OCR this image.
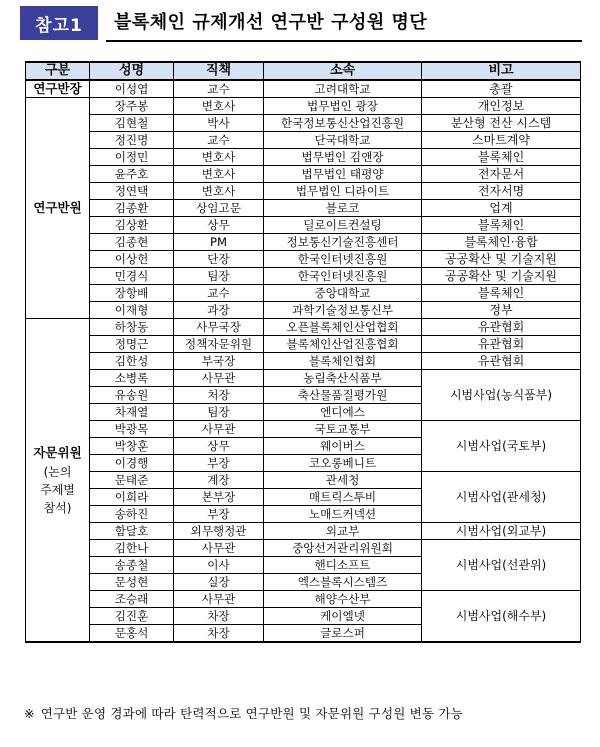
참고1	블록체인 규제개선 연구반 구성원 명단
구분	성명	직책	소속	비고
연구반장	이성엽	교수	고려대학교	총괄
연구반원	장주봉	변호사	법무법인 광장	개인정보
	김현철	박사	한국정보통신산업진흥원	분산형 전산 시스템
	정진명	교수	단국대학교	스마트계약
	이정민	변호사	법무법인 김앤장	블록체인
	윤주호	변호사	법무법인 태평양	전자문서
	정연택	변호사	법무법인 디라이트	전자서명
	김종환	상임고문	블로코	업계
	김상환	상무	딜로이트컨설팅	블록체인
	김종현	PM	정보통신기술진흥센터	블록체인·융합
	이상헌	단장	한국인터넷진흥원	공공확산 및 기술지원
	민경식	팀장	한국인터넷진흥원	공공확산 및 기술지원
	장항배	교수	중앙대학교	블록체인
	이재형	과장	과학기술정보통신부	정부

자문위원
(논의
주제별
참석)	하창동	사무국장	오픈블록체인산업협회	유관협회
	정명근	정책자문위원	블록체인산업진흥협회	유관협회
	김한성	부국장	블록체인협회	유관협회
	소병록	사무관	농림축산식품부	시범사업(농식품부)
	유송원	처장	축산물품질평가원	
	차재열	팀장	엔디에스	
	박광목	사무관	국토교통부	시범사업(국토부)
	박창훈	상무	웨이버스	
	이경행	부장	코오롱베니트	
	문태준	계장	관세청	시범사업(관세청)
	이희라	본부장	매트릭스투비	
	송하진	부장	노매드커넥션	
	함달호	외무행정관	외교부	시범사업(외교부)
	김한나	사무관	중앙선거관리위원회	시범사업(선관위)
	송종철	이사	핸디소프트	
	문성현	실장	엑스블록시스템즈	
	조승래	사무관	해양수산부	시범사업(해수부)
	김진훈	차장	케이엘넷	
	문홍석	차장	글로스퍼	
※ 연구반 운영 경과에 따라 탄력적으로 연구반원 및 자문위원 구성원 변동 가능
